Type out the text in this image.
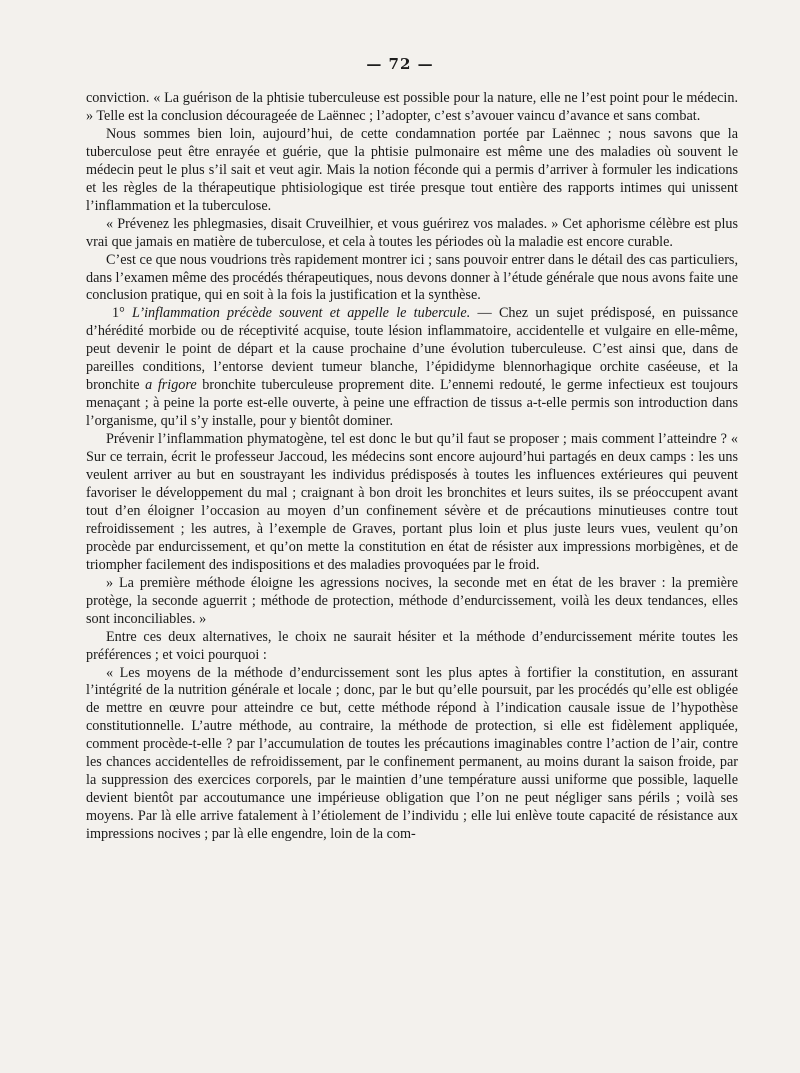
— 72 —

conviction. « La guérison de la phtisie tuberculeuse est possible pour la nature, elle ne l’est point pour le médecin. » Telle est la conclusion décourageée de Laënnec ; l’adopter, c’est s’avouer vaincu d’avance et sans combat.

Nous sommes bien loin, aujourd’hui, de cette condamnation portée par Laënnec ; nous savons que la tuberculose peut être enrayée et guérie, que la phtisie pulmonaire est même une des maladies où souvent le médecin peut le plus s’il sait et veut agir. Mais la notion féconde qui a permis d’arriver à formuler les indications et les règles de la thérapeutique phtisiologique est tirée presque tout entière des rapports intimes qui unissent l’inflammation et la tuberculose.

« Prévenez les phlegmasies, disait Cruveilhier, et vous guérirez vos malades. » Cet aphorisme célèbre est plus vrai que jamais en matière de tuberculose, et cela à toutes les périodes où la maladie est encore curable.

C’est ce que nous voudrions très rapidement montrer ici ; sans pouvoir entrer dans le détail des cas particuliers, dans l’examen même des procédés thérapeutiques, nous devons donner à l’étude générale que nous avons faite une conclusion pratique, qui en soit à la fois la justification et la synthèse.

1° L’inflammation précède souvent et appelle le tubercule. — Chez un sujet prédisposé, en puissance d’hérédité morbide ou de réceptivité acquise, toute lésion inflammatoire, accidentelle et vulgaire en elle-même, peut devenir le point de départ et la cause prochaine d’une évolution tuberculeuse. C’est ainsi que, dans de pareilles conditions, l’entorse devient tumeur blanche, l’épididyme blennorhagique orchite caséeuse, et la bronchite a frigore bronchite tuberculeuse proprement dite. L’ennemi redouté, le germe infectieux est toujours menaçant ; à peine la porte est-elle ouverte, à peine une effraction de tissus a-t-elle permis son introduction dans l’organisme, qu’il s’y installe, pour y bientôt dominer.

Prévenir l’inflammation phymatogène, tel est donc le but qu’il faut se proposer ; mais comment l’atteindre ? « Sur ce terrain, écrit le professeur Jaccoud, les médecins sont encore aujourd’hui partagés en deux camps : les uns veulent arriver au but en soustrayant les individus prédisposés à toutes les influences extérieures qui peuvent favoriser le développement du mal ; craignant à bon droit les bronchites et leurs suites, ils se préoccupent avant tout d’en éloigner l’occasion au moyen d’un confinement sévère et de précautions minutieuses contre tout refroidissement ; les autres, à l’exemple de Graves, portant plus loin et plus juste leurs vues, veulent qu’on procède par endurcissement, et qu’on mette la constitution en état de résister aux impressions morbigènes, et de triompher facilement des indispositions et des maladies provoquées par le froid.

» La première méthode éloigne les agressions nocives, la seconde met en état de les braver : la première protège, la seconde aguerrit ; méthode de protection, méthode d’endurcissement, voilà les deux tendances, elles sont inconciliables. »

Entre ces deux alternatives, le choix ne saurait hésiter et la méthode d’endurcissement mérite toutes les préférences ; et voici pourquoi :

« Les moyens de la méthode d’endurcissement sont les plus aptes à fortifier la constitution, en assurant l’intégrité de la nutrition générale et locale ; donc, par le but qu’elle poursuit, par les procédés qu’elle est obligée de mettre en œuvre pour atteindre ce but, cette méthode répond à l’indication causale issue de l’hypothèse constitutionnelle. L’autre méthode, au contraire, la méthode de protection, si elle est fidèlement appliquée, comment procède-t-elle ? par l’accumulation de toutes les précautions imaginables contre l’action de l’air, contre les chances accidentelles de refroidissement, par le confinement permanent, au moins durant la saison froide, par la suppression des exercices corporels, par le maintien d’une température aussi uniforme que possible, laquelle devient bientôt par accoutumance une impérieuse obligation que l’on ne peut négliger sans périls ; voilà ses moyens. Par là elle arrive fatalement à l’étiolement de l’individu ; elle lui enlève toute capacité de résistance aux impressions nocives ; par là elle engendre, loin de la com-
